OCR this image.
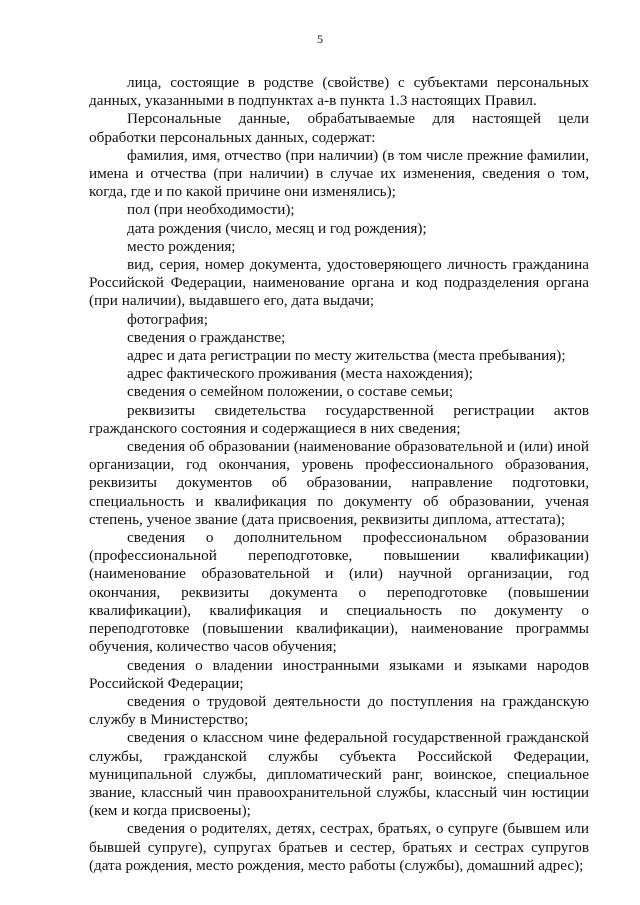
5

лица, состоящие в родстве (свойстве) с субъектами персональных данных, указанными в подпунктах а-в пункта 1.3 настоящих Правил.

Персональные данные, обрабатываемые для настоящей цели обработки персональных данных, содержат:

фамилия, имя, отчество (при наличии) (в том числе прежние фамилии, имена и отчества (при наличии) в случае их изменения, сведения о том, когда, где и по какой причине они изменялись);

пол (при необходимости);

дата рождения (число, месяц и год рождения);

место рождения;

вид, серия, номер документа, удостоверяющего личность гражданина Российской Федерации, наименование органа и код подразделения органа (при наличии), выдавшего его, дата выдачи;

фотография;

сведения о гражданстве;

адрес и дата регистрации по месту жительства (места пребывания);

адрес фактического проживания (места нахождения);

сведения о семейном положении, о составе семьи;

реквизиты свидетельства государственной регистрации актов гражданского состояния и содержащиеся в них сведения;

сведения об образовании (наименование образовательной и (или) иной организации, год окончания, уровень профессионального образования, реквизиты документов об образовании, направление подготовки, специальность и квалификация по документу об образовании, ученая степень, ученое звание (дата присвоения, реквизиты диплома, аттестата);

сведения о дополнительном профессиональном образовании (профессиональной переподготовке, повышении квалификации) (наименование образовательной и (или) научной организации, год окончания, реквизиты документа о переподготовке (повышении квалификации), квалификация и специальность по документу о переподготовке (повышении квалификации), наименование программы обучения, количество часов обучения;

сведения о владении иностранными языками и языками народов Российской Федерации;

сведения о трудовой деятельности до поступления на гражданскую службу в Министерство;

сведения о классном чине федеральной государственной гражданской службы, гражданской службы субъекта Российской Федерации, муниципальной службы, дипломатический ранг, воинское, специальное звание, классный чин правоохранительной службы, классный чин юстиции (кем и когда присвоены);

сведения о родителях, детях, сестрах, братьях, о супруге (бывшем или бывшей супруге), супругах братьев и сестер, братьях и сестрах супругов (дата рождения, место рождения, место работы (службы), домашний адрес);
